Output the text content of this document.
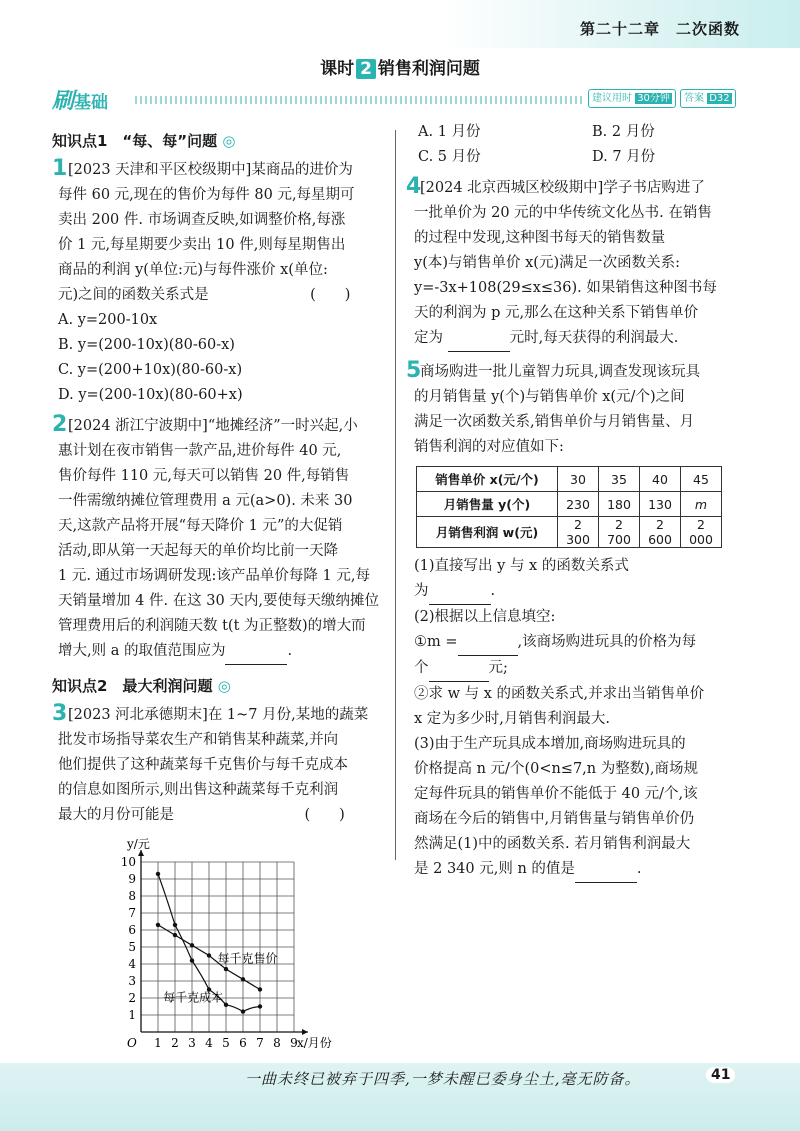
第二十二章　二次函数
课时 2 销售利润问题
刷基础	建议用时 30分钟	答案 D32
知识点1　“每、每”问题 ◎
1 [2023 天津和平区校级期中]某商品的进价为
每件 60 元,现在的售价为每件 80 元,每星期可
卖出 200 件. 市场调查反映,如调整价格,每涨
价 1 元,每星期要少卖出 10 件,则每星期售出
商品的利润 y(单位:元)与每件涨价 x(单位:
元)之间的函数关系式是　　　　　　　(　　)
A. y=200-10x
B. y=(200-10x)(80-60-x)
C. y=(200+10x)(80-60-x)
D. y=(200-10x)(80-60+x)
2 [2024 浙江宁波期中]“地摊经济”一时兴起,小
惠计划在夜市销售一款产品,进价每件 40 元,
售价每件 110 元,每天可以销售 20 件,每销售
一件需缴纳摊位管理费用 a 元(a>0). 未来 30
天,这款产品将开展“每天降价 1 元”的大促销
活动,即从第一天起每天的单价均比前一天降
1 元. 通过市场调研发现:该产品单价每降 1 元,每
天销量增加 4 件. 在这 30 天内,要使每天缴纳摊位
管理费用后的利润随天数 t(t 为正整数)的增大而
增大,则 a 的取值范围应为	.
知识点2　最大利润问题 ◎
3 [2023 河北承德期末]在 1~7 月份,某地的蔬菜
批发市场指导菜农生产和销售某种蔬菜,并向
他们提供了这种蔬菜每千克售价与每千克成本
的信息如图所示,则出售这种蔬菜每千克利润
最大的月份可能是　　　　　　　　　(　　)
1 2 3 4 5 6 7 8 9
1
2
3
4
5
6
7
8
9
10
y/元
x/月份
O
每千克售价
每千克成本
A. 1 月份	B. 2 月份
C. 5 月份	D. 7 月份
4
[2024 北京西城区校级期中]学子书店购进了
一批单价为 20 元的中华传统文化丛书. 在销售
的过程中发现,这种图书每天的销售数量
y(本)与销售单价 x(元)满足一次函数关系:
y=-3x+108(29≤x≤36). 如果销售这种图书每
天的利润为 p 元,那么在这种关系下销售单价
定为	元时,每天获得的利润最大.
5
商场购进一批儿童智力玩具,调查发现该玩具
的月销售量 y(个)与销售单价 x(元/个)之间
满足一次函数关系,销售单价与月销售量、月
销售利润的对应值如下:
销售单价 x(元/个)	30	35	40	45
月销售量 y(个)	230	180	130	m
月销售利润 w(元)	2 300	2 700	2 600	2 000
(1)直接写出 y 与 x 的函数关系式
为	.
(2)根据以上信息填空:
①m =	,该商场购进玩具的价格为每
个	元;
②求 w 与 x 的函数关系式,并求出当销售单价
x 定为多少时,月销售利润最大.
(3)由于生产玩具成本增加,商场购进玩具的
价格提高 n 元/个(0<n≤7,n 为整数),商场规
定每件玩具的销售单价不能低于 40 元/个,该
商场在今后的销售中,月销售量与销售单价仍
然满足(1)中的函数关系. 若月销售利润最大
是 2 340 元,则 n 的值是	.
一曲未终已被弃于四季,一梦未醒已委身尘土,毫无防备。	41
